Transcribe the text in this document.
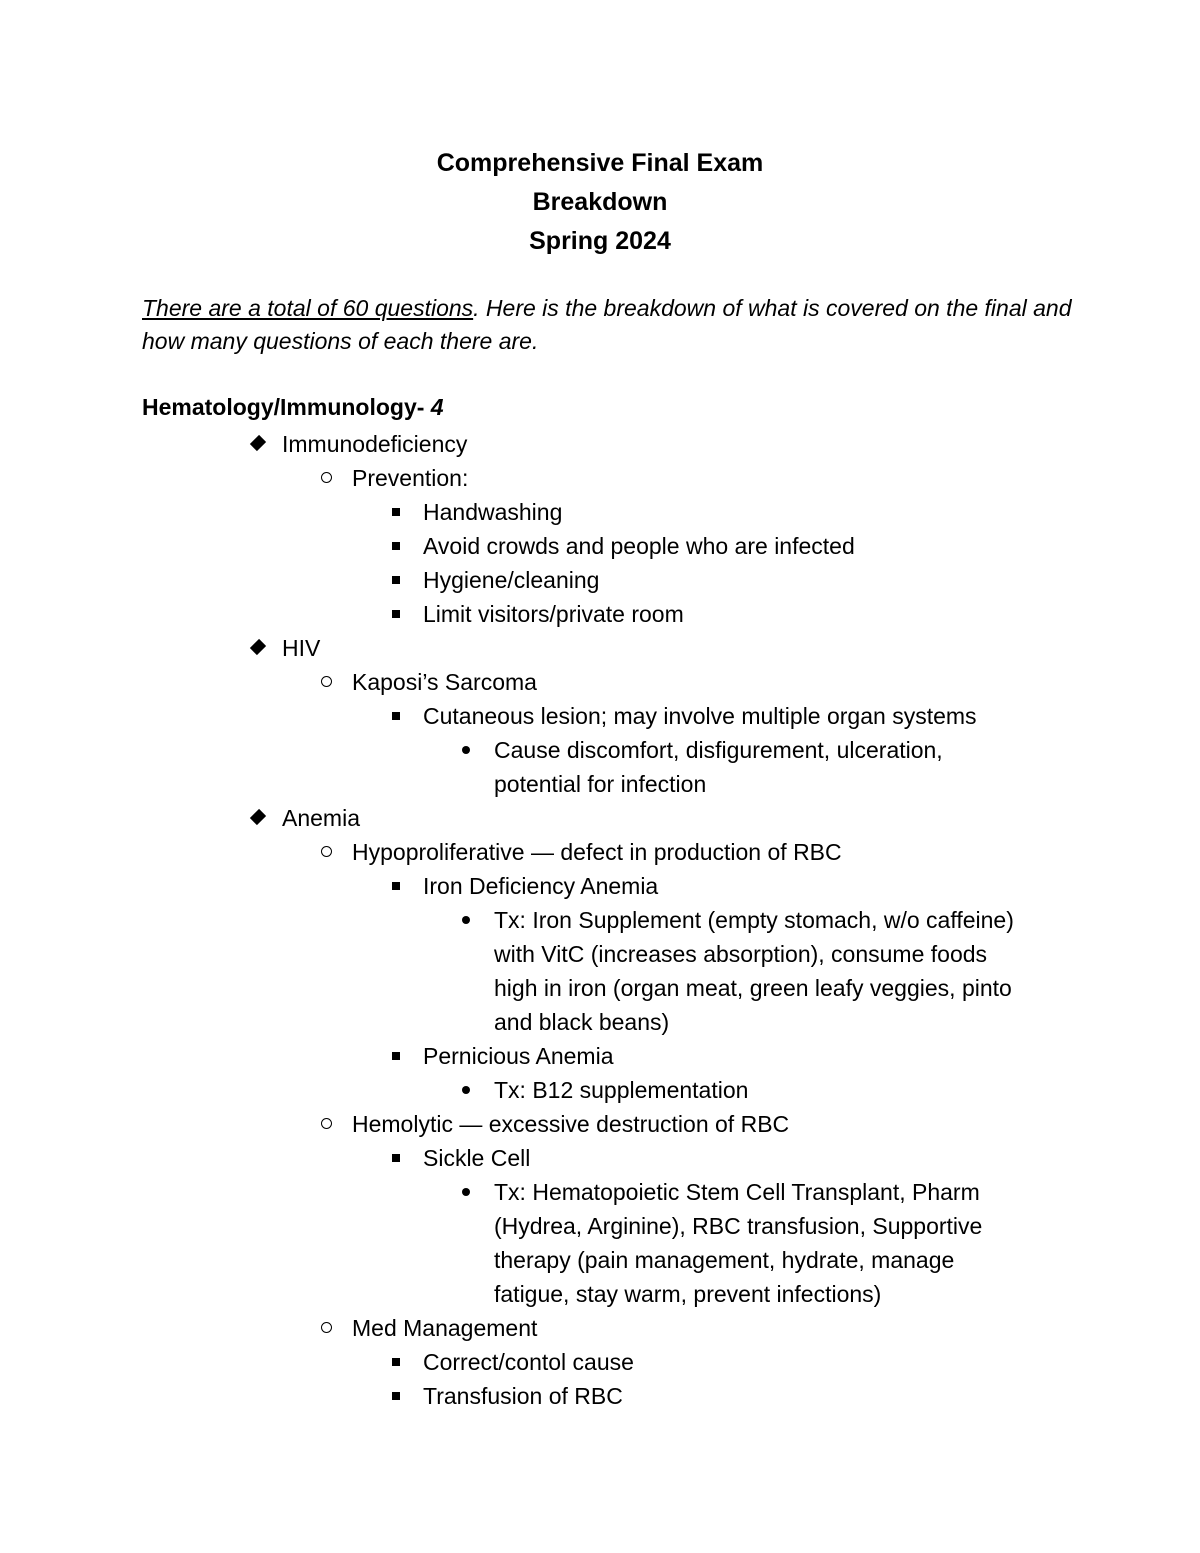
Comprehensive Final Exam
Breakdown
Spring 2024
There are a total of 60 questions. Here is the breakdown of what is covered on the final and how many questions of each there are.
Hematology/Immunology- 4
Immunodeficiency
Prevention:
Handwashing
Avoid crowds and people who are infected
Hygiene/cleaning
Limit visitors/private room
HIV
Kaposi’s Sarcoma
Cutaneous lesion; may involve multiple organ systems
Cause discomfort, disfigurement, ulceration, potential for infection
Anemia
Hypoproliferative — defect in production of RBC
Iron Deficiency Anemia
Tx: Iron Supplement (empty stomach, w/o caffeine) with VitC (increases absorption), consume foods high in iron (organ meat, green leafy veggies, pinto and black beans)
Pernicious Anemia
Tx: B12 supplementation
Hemolytic — excessive destruction of RBC
Sickle Cell
Tx: Hematopoietic Stem Cell Transplant, Pharm (Hydrea, Arginine), RBC transfusion, Supportive therapy (pain management, hydrate, manage fatigue, stay warm, prevent infections)
Med Management
Correct/contol cause
Transfusion of RBC
